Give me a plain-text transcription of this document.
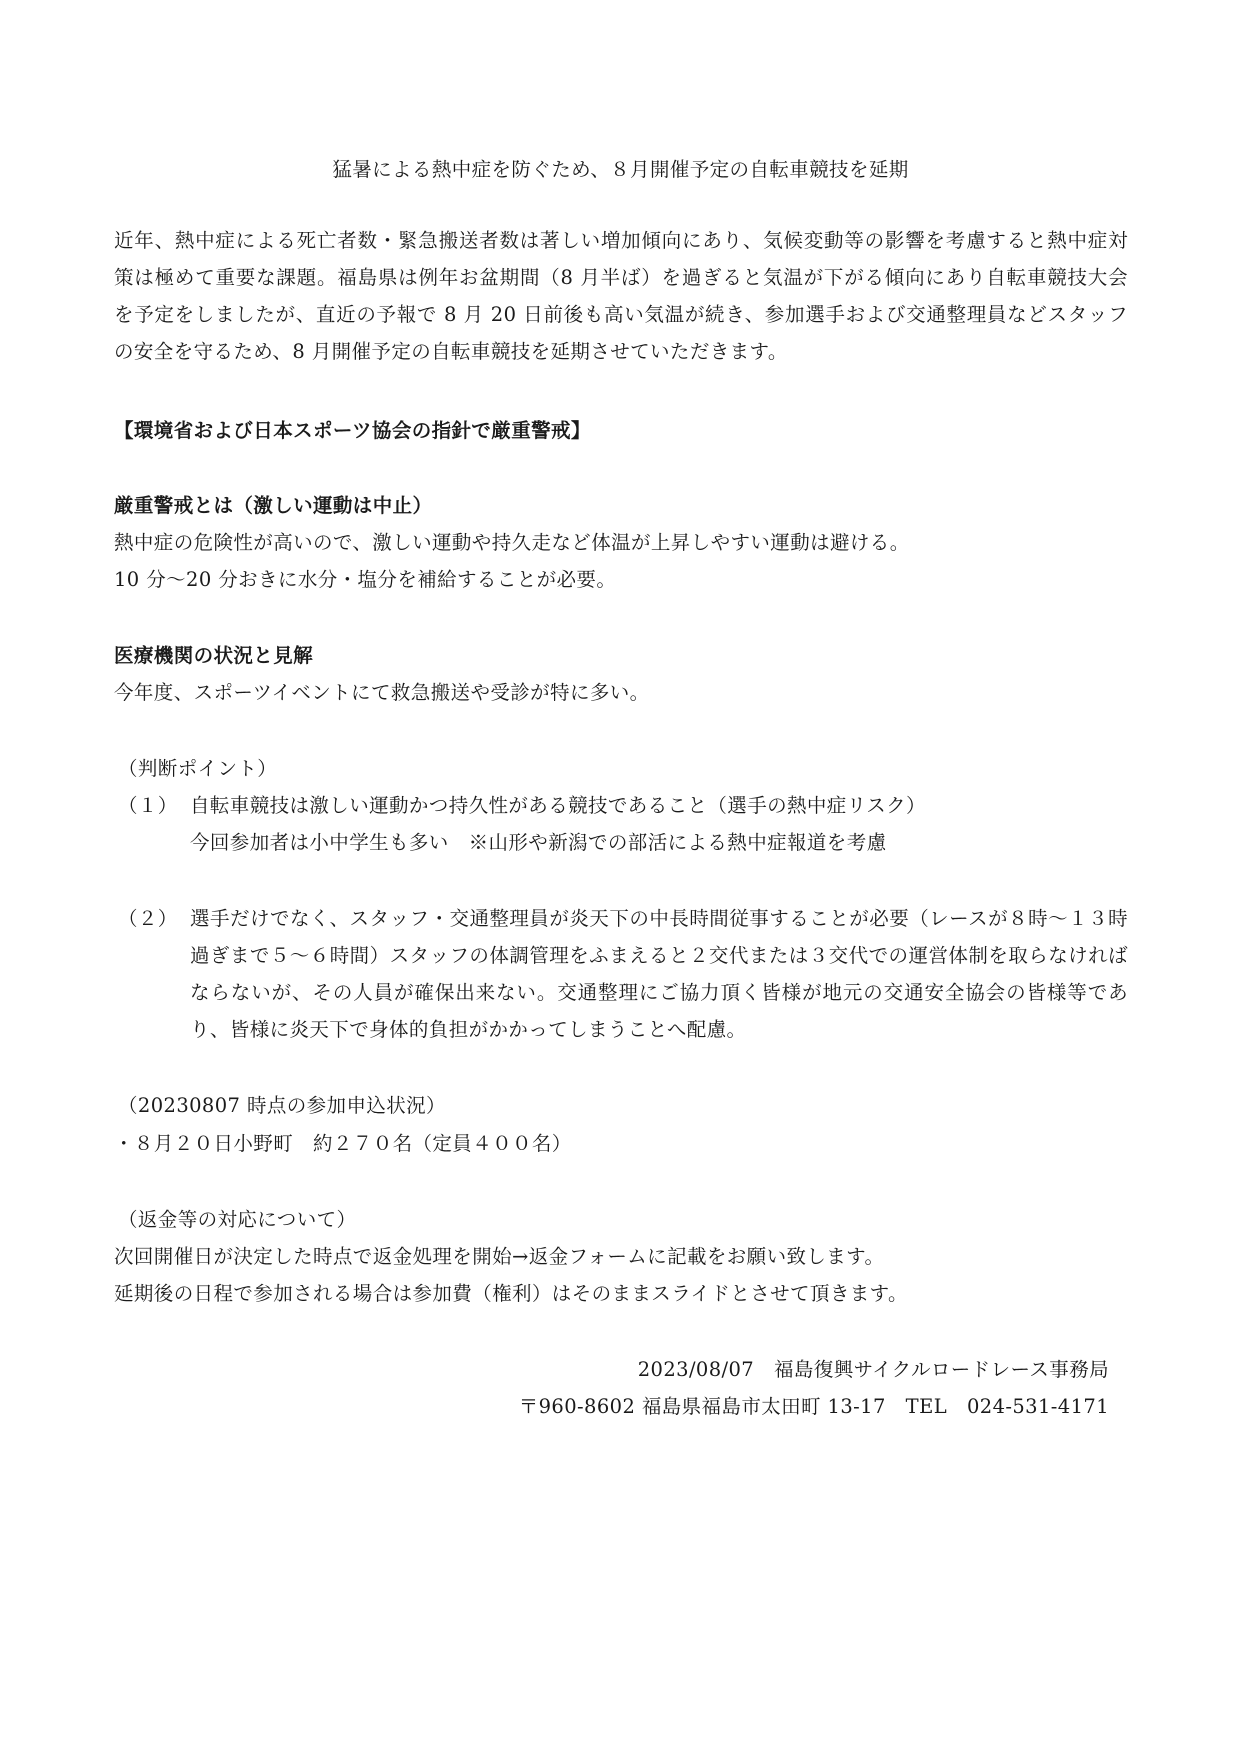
猛暑による熱中症を防ぐため、８月開催予定の自転車競技を延期
近年、熱中症による死亡者数・緊急搬送者数は著しい増加傾向にあり、気候変動等の影響を考慮すると熱中症対策は極めて重要な課題。福島県は例年お盆期間（8 月半ば）を過ぎると気温が下がる傾向にあり自転車競技大会を予定をしましたが、直近の予報で 8 月 20 日前後も高い気温が続き、参加選手および交通整理員などスタッフの安全を守るため、8 月開催予定の自転車競技を延期させていただきます。
【環境省および日本スポーツ協会の指針で厳重警戒】
厳重警戒とは（激しい運動は中止）
熱中症の危険性が高いので、激しい運動や持久走など体温が上昇しやすい運動は避ける。
10 分～20 分おきに水分・塩分を補給することが必要。
医療機関の状況と見解
今年度、スポーツイベントにて救急搬送や受診が特に多い。
（判断ポイント）
（１） 自転車競技は激しい運動かつ持久性がある競技であること（選手の熱中症リスク）
今回参加者は小中学生も多い　※山形や新潟での部活による熱中症報道を考慮
（２） 選手だけでなく、スタッフ・交通整理員が炎天下の中長時間従事することが必要（レースが８時～１３時過ぎまで５～６時間）スタッフの体調管理をふまえると２交代または３交代での運営体制を取らなければならないが、その人員が確保出来ない。交通整理にご協力頂く皆様が地元の交通安全協会の皆様等であり、皆様に炎天下で身体的負担がかかってしまうことへ配慮。
（20230807 時点の参加申込状況）
・８月２０日小野町　約２７０名（定員４００名）
（返金等の対応について）
次回開催日が決定した時点で返金処理を開始→返金フォームに記載をお願い致します。
延期後の日程で参加される場合は参加費（権利）はそのままスライドとさせて頂きます。
2023/08/07　福島復興サイクルロードレース事務局
〒960-8602 福島県福島市太田町 13-17　TEL　024-531-4171
